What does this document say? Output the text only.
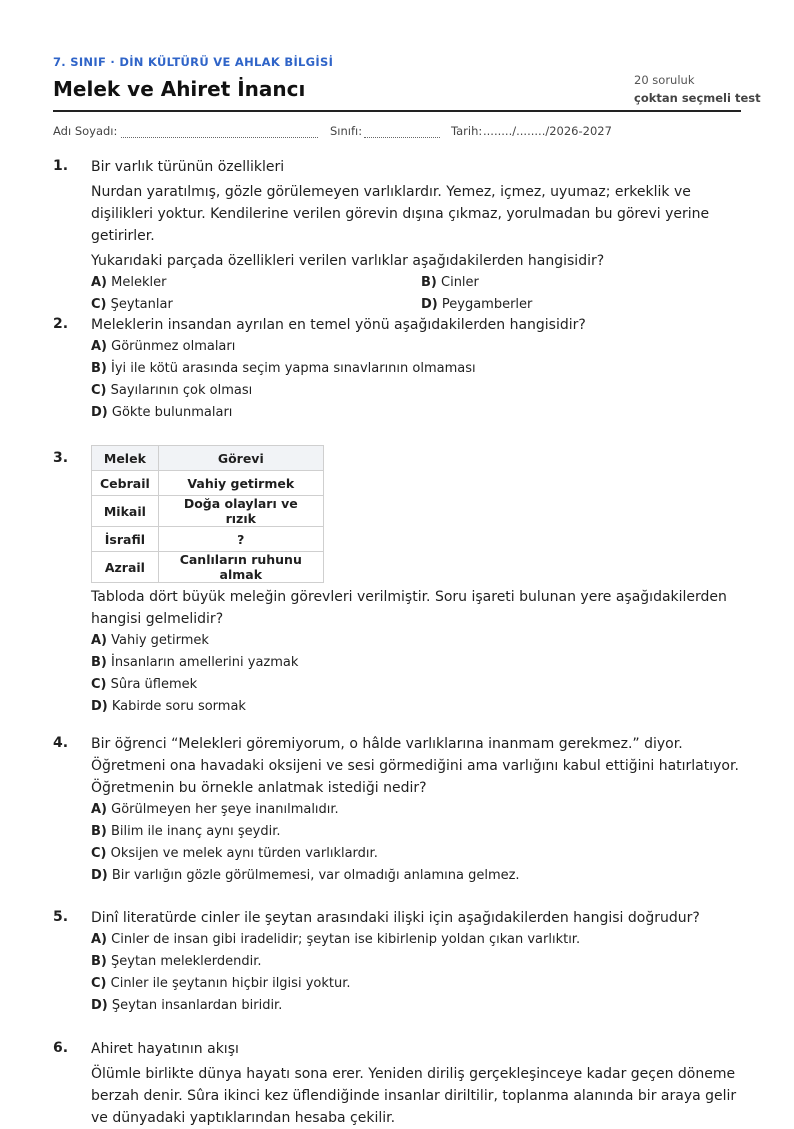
7. SINIF · DİN KÜLTÜRÜ VE AHLAK BİLGİSİ
Melek ve Ahiret İnancı	20 soruluk
çoktan seçmeli test
Adı Soyadı:	Sınıfı:	Tarih: ......../......../2026-2027
1. Bir varlık türünün özellikleri
Nurdan yaratılmış, gözle görülemeyen varlıklardır. Yemez, içmez, uyumaz; erkeklik ve dişilikleri yoktur. Kendilerine verilen görevin dışına çıkmaz, yorulmadan bu görevi yerine getirirler.
Yukarıdaki parçada özellikleri verilen varlıklar aşağıdakilerden hangisidir?
A) Melekler	B) Cinler
C) Şeytanlar	D) Peygamberler
2. Meleklerin insandan ayrılan en temel yönü aşağıdakilerden hangisidir?
A) Görünmez olmaları
B) İyi ile kötü arasında seçim yapma sınavlarının olmaması
C) Sayılarının çok olması
D) Gökte bulunmaları
3.	Melek	Görevi
Cebrail	Vahiy getirmek
Mikail	Doğa olayları ve rızık
İsrafil	?
Azrail	Canlıların ruhunu almak
Tabloda dört büyük meleğin görevleri verilmiştir. Soru işareti bulunan yere aşağıdakilerden hangisi gelmelidir?
A) Vahiy getirmek
B) İnsanların amellerini yazmak
C) Sûra üflemek
D) Kabirde soru sormak
4. Bir öğrenci “Melekleri göremiyorum, o hâlde varlıklarına inanmam gerekmez.” diyor. Öğretmeni ona havadaki oksijeni ve sesi görmediğini ama varlığını kabul ettiğini hatırlatıyor. Öğretmenin bu örnekle anlatmak istediği nedir?
A) Görülmeyen her şeye inanılmalıdır.
B) Bilim ile inanç aynı şeydir.
C) Oksijen ve melek aynı türden varlıklardır.
D) Bir varlığın gözle görülmemesi, var olmadığı anlamına gelmez.
5. Dinî literatürde cinler ile şeytan arasındaki ilişki için aşağıdakilerden hangisi doğrudur?
A) Cinler de insan gibi iradelidir; şeytan ise kibirlenip yoldan çıkan varlıktır.
B) Şeytan meleklerdendir.
C) Cinler ile şeytanın hiçbir ilgisi yoktur.
D) Şeytan insanlardan biridir.
6. Ahiret hayatının akışı
Ölümle birlikte dünya hayatı sona erer. Yeniden diriliş gerçekleşinceye kadar geçen döneme berzah denir. Sûra ikinci kez üflendiğinde insanlar diriltilir, toplanma alanında bir araya gelir ve dünyadaki yaptıklarından hesaba çekilir.
